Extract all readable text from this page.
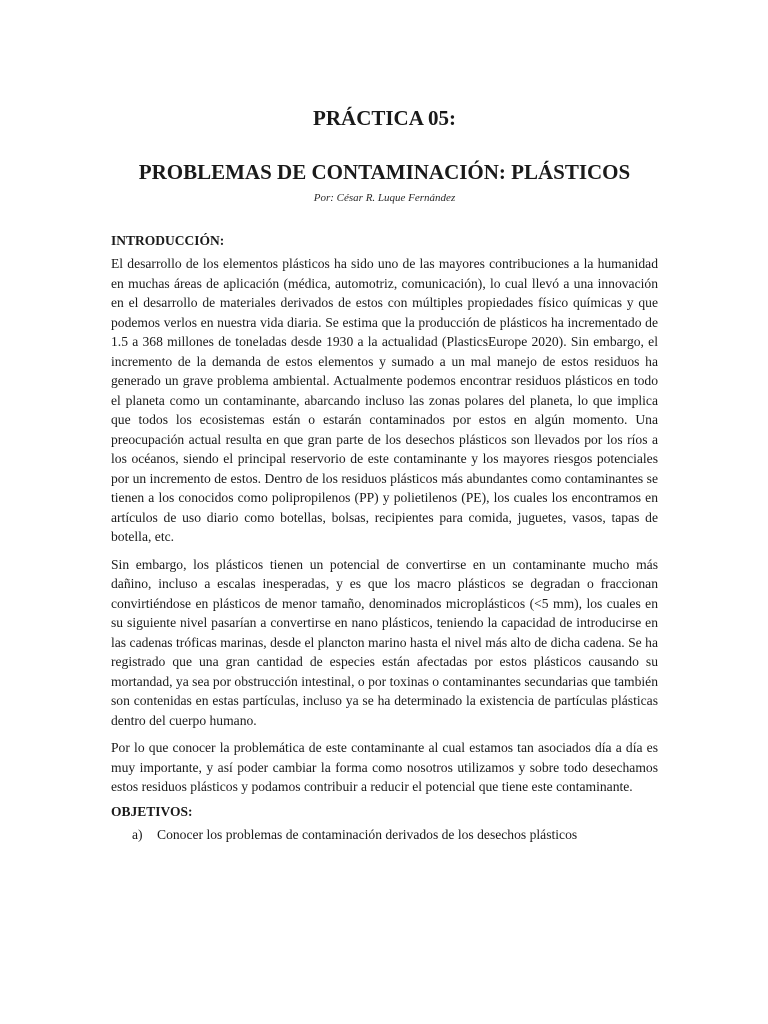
PRÁCTICA 05:
PROBLEMAS DE CONTAMINACIÓN: PLÁSTICOS
Por: César R. Luque Fernández
INTRODUCCIÓN:

El desarrollo de los elementos plásticos ha sido uno de las mayores contribuciones a la humanidad en muchas áreas de aplicación (médica, automotriz, comunicación), lo cual llevó a una innovación en el desarrollo de materiales derivados de estos con múltiples propiedades físico químicas y que podemos verlos en nuestra vida diaria. Se estima que la producción de plásticos ha incrementado de 1.5 a 368 millones de toneladas desde 1930 a la actualidad (PlasticsEurope 2020). Sin embargo, el incremento de la demanda de estos elementos y sumado a un mal manejo de estos residuos ha generado un grave problema ambiental. Actualmente podemos encontrar residuos plásticos en todo el planeta como un contaminante, abarcando incluso las zonas polares del planeta, lo que implica que todos los ecosistemas están o estarán contaminados por estos en algún momento. Una preocupación actual resulta en que gran parte de los desechos plásticos son llevados por los ríos a los océanos, siendo el principal reservorio de este contaminante y los mayores riesgos potenciales por un incremento de estos. Dentro de los residuos plásticos más abundantes como contaminantes se tienen a los conocidos como polipropilenos (PP) y polietilenos (PE), los cuales los encontramos en artículos de uso diario como botellas, bolsas, recipientes para comida, juguetes, vasos, tapas de botella, etc.

Sin embargo, los plásticos tienen un potencial de convertirse en un contaminante mucho más dañino, incluso a escalas inesperadas, y es que los macro plásticos se degradan o fraccionan convirtiéndose en plásticos de menor tamaño, denominados microplásticos (<5 mm), los cuales en su siguiente nivel pasarían a convertirse en nano plásticos, teniendo la capacidad de introducirse en las cadenas tróficas marinas, desde el plancton marino hasta el nivel más alto de dicha cadena. Se ha registrado que una gran cantidad de especies están afectadas por estos plásticos causando su mortandad, ya sea por obstrucción intestinal, o por toxinas o contaminantes secundarias que también son contenidas en estas partículas, incluso ya se ha determinado la existencia de partículas plásticas dentro del cuerpo humano.

Por lo que conocer la problemática de este contaminante al cual estamos tan asociados día a día es muy importante, y así poder cambiar la forma como nosotros utilizamos y sobre todo desechamos estos residuos plásticos y podamos contribuir a reducir el potencial que tiene este contaminante.

OBJETIVOS:
a)	Conocer los problemas de contaminación derivados de los desechos plásticos
